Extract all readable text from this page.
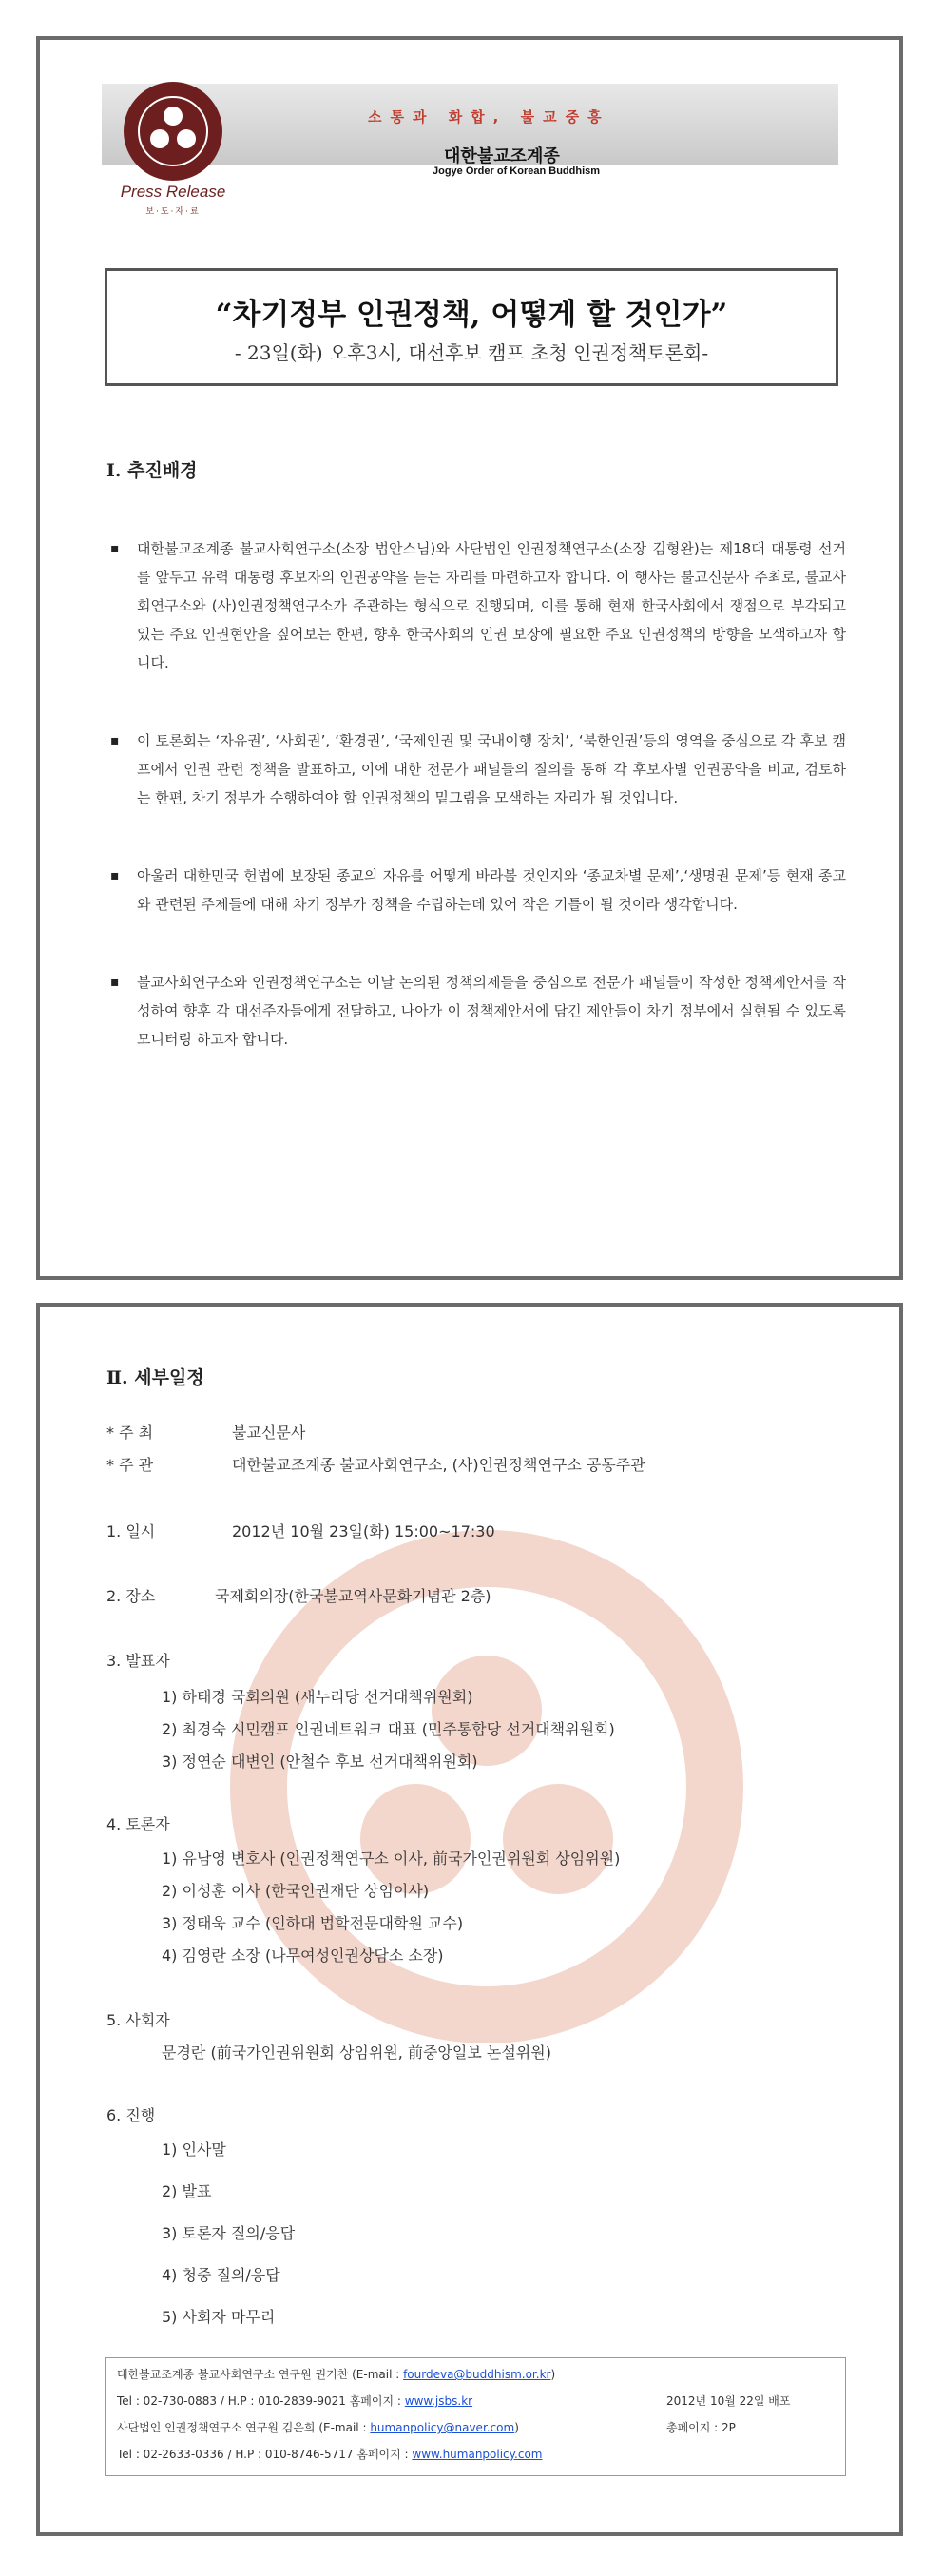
Press Release
보·도·자·료
소통과 화합, 불교중흥
대한불교조계종
Jogye Order of Korean Buddhism
“차기정부 인권정책, 어떻게 할 것인가”
- 23일(화) 오후3시, 대선후보 캠프 초청 인권정책토론회-
Ⅰ. 추진배경
▪ 대한불교조계종 불교사회연구소(소장 법안스님)와 사단법인 인권정책연구소(소장 김형완)는 제18대 대통령 선거를 앞두고 유력 대통령 후보자의 인권공약을 듣는 자리를 마련하고자 합니다. 이 행사는 불교신문사 주최로, 불교사회연구소와 (사)인권정책연구소가 주관하는 형식으로 진행되며, 이를 통해 현재 한국사회에서 쟁점으로 부각되고 있는 주요 인권현안을 짚어보는 한편, 향후 한국사회의 인권 보장에 필요한 주요 인권정책의 방향을 모색하고자 합니다.
▪ 이 토론회는 ‘자유권’, ‘사회권’, ‘환경권’, ‘국제인권 및 국내이행 장치’, ‘북한인권’등의 영역을 중심으로 각 후보 캠프에서 인권 관련 정책을 발표하고, 이에 대한 전문가 패널들의 질의를 통해 각 후보자별 인권공약을 비교, 검토하는 한편, 차기 정부가 수행하여야 할 인권정책의 밑그림을 모색하는 자리가 될 것입니다.
▪ 아울러 대한민국 헌법에 보장된 종교의 자유를 어떻게 바라볼 것인지와 ‘종교차별 문제’,‘생명권 문제’등 현재 종교와 관련된 주제들에 대해 차기 정부가 정책을 수립하는데 있어 작은 기틀이 될 것이라 생각합니다.
▪ 불교사회연구소와 인권정책연구소는 이날 논의된 정책의제들을 중심으로 전문가 패널들이 작성한 정책제안서를 작성하여 향후 각 대선주자들에게 전달하고, 나아가 이 정책제안서에 담긴 제안들이 차기 정부에서 실현될 수 있도록 모니터링 하고자 합니다.
Ⅱ. 세부일정
* 주 최	불교신문사
* 주 관	대한불교조계종 불교사회연구소, (사)인권정책연구소 공동주관
1. 일시	2012년 10월 23일(화) 15:00~17:30
2. 장소	국제회의장(한국불교역사문화기념관 2층)
3. 발표자
1) 하태경 국회의원 (새누리당 선거대책위원회)
2) 최경숙 시민캠프 인권네트워크 대표 (민주통합당 선거대책위원회)
3) 정연순 대변인 (안철수 후보 선거대책위원회)
4. 토론자
1) 유남영 변호사 (인권정책연구소 이사, 前국가인권위원회 상임위원)
2) 이성훈 이사 (한국인권재단 상임이사)
3) 정태욱 교수 (인하대 법학전문대학원 교수)
4) 김영란 소장 (나무여성인권상담소 소장)
5. 사회자
문경란 (前국가인권위원회 상임위원, 前중앙일보 논설위원)
6. 진행
1) 인사말
2) 발표
3) 토론자 질의/응답
4) 청중 질의/응답
5) 사회자 마무리
대한불교조계종 불교사회연구소 연구원 권기찬 (E-mail : fourdeva@buddhism.or.kr)
Tel : 02-730-0883 / H.P : 010-2839-9021 홈페이지 : www.jsbs.kr	2012년 10월 22일 배포
사단법인 인권정책연구소 연구원 김은희 (E-mail : humanpolicy@naver.com)	총페이지 : 2P
Tel : 02-2633-0336 / H.P : 010-8746-5717 홈페이지 : www.humanpolicy.com
